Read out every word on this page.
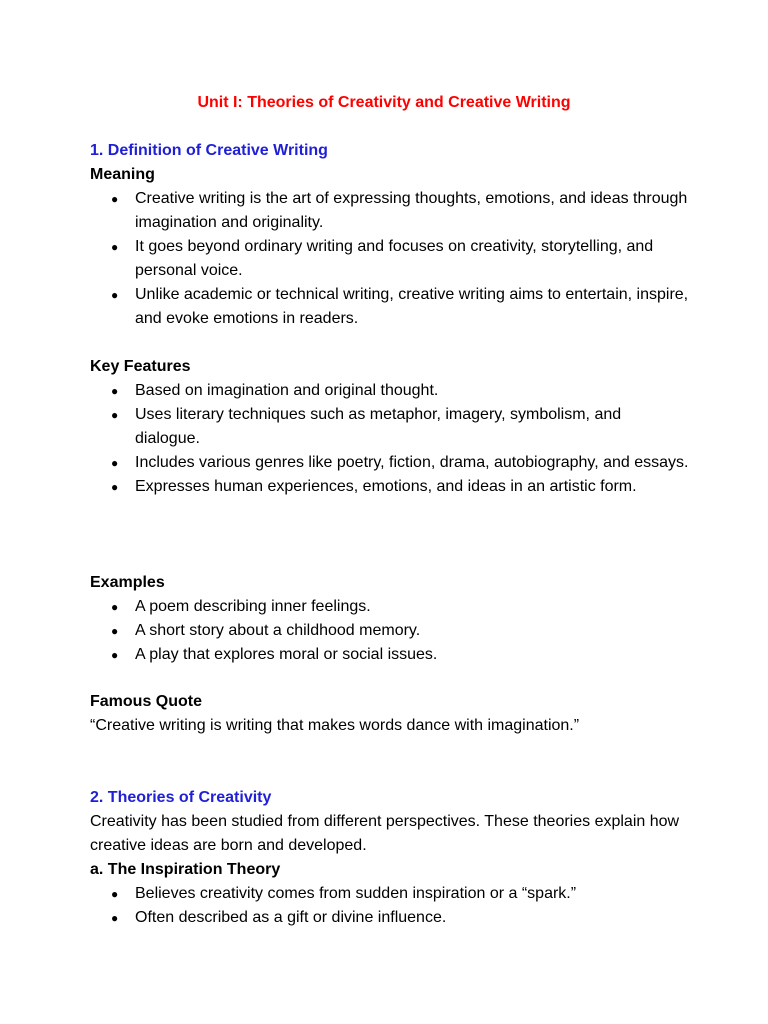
Unit I: Theories of Creativity and Creative Writing
1. Definition of Creative Writing
Meaning
● Creative writing is the art of expressing thoughts, emotions, and ideas through imagination and originality.
● It goes beyond ordinary writing and focuses on creativity, storytelling, and personal voice.
● Unlike academic or technical writing, creative writing aims to entertain, inspire, and evoke emotions in readers.
Key Features
● Based on imagination and original thought.
● Uses literary techniques such as metaphor, imagery, symbolism, and dialogue.
● Includes various genres like poetry, fiction, drama, autobiography, and essays.
● Expresses human experiences, emotions, and ideas in an artistic form.
Examples
● A poem describing inner feelings.
● A short story about a childhood memory.
● A play that explores moral or social issues.
Famous Quote
“Creative writing is writing that makes words dance with imagination.”
2. Theories of Creativity
Creativity has been studied from different perspectives. These theories explain how creative ideas are born and developed.
a. The Inspiration Theory
● Believes creativity comes from sudden inspiration or a “spark.”
● Often described as a gift or divine influence.
